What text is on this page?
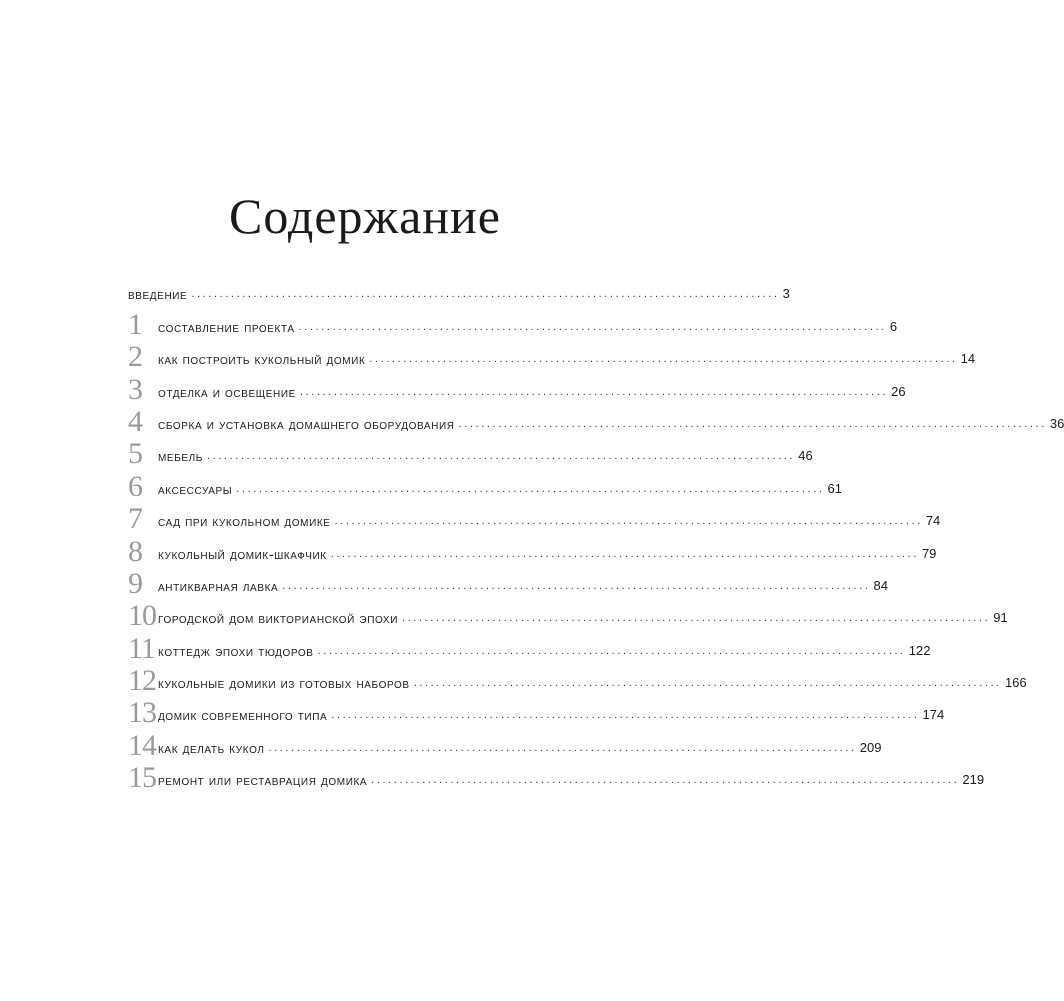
Содержание
введение ........................................................................................................ 3
1	составление проекта ........................................................................................................ 6
2	как построить кукольный домик ........................................................................................................ 14
3	отделка и освещение ........................................................................................................ 26
4	сборка и установка домашнего оборудования ........................................................................................................ 36
5	мебель ........................................................................................................ 46
6	аксессуары ........................................................................................................ 61
7	сад при кукольном домике ........................................................................................................ 74
8	кукольный домик-шкафчик ........................................................................................................ 79
9	антикварная лавка ........................................................................................................ 84
10 городской дом викторианской эпохи ........................................................................................................ 91
11 коттедж эпохи тюдоров ........................................................................................................ 122
12 кукольные домики из готовых наборов ........................................................................................................ 166
13 домик современного типа ........................................................................................................ 174
14 как делать кукол ........................................................................................................ 209
15 ремонт или реставрация домика ........................................................................................................ 219
